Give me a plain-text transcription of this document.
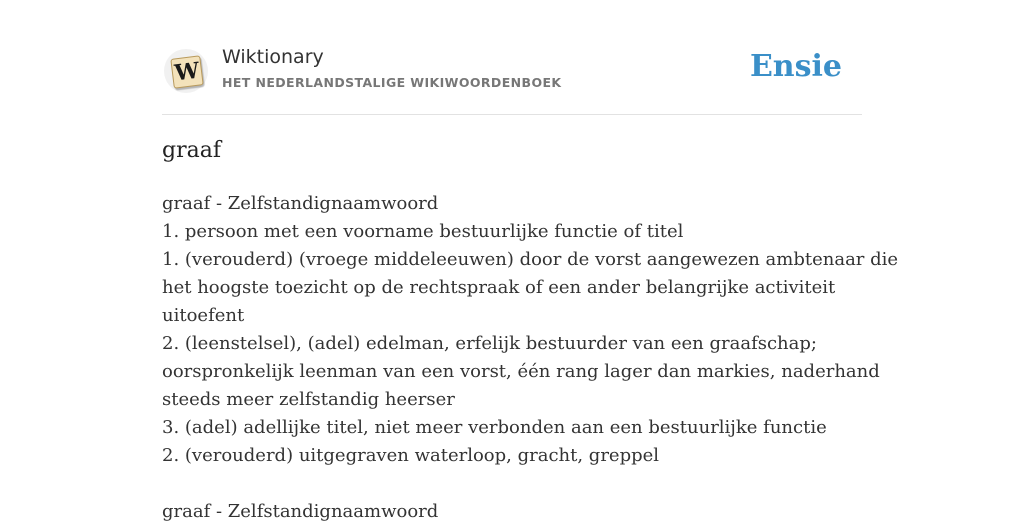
W
Wiktionary
HET NEDERLANDSTALIGE WIKIWOORDENBOEK	Ensie
graaf
graaf - Zelfstandignaamwoord
1. persoon met een voorname bestuurlijke functie of titel
1. (verouderd) (vroege middeleeuwen) door de vorst aangewezen ambtenaar die
het hoogste toezicht op de rechtspraak of een ander belangrijke activiteit
uitoefent
2. (leenstelsel), (adel) edelman, erfelijk bestuurder van een graafschap;
oorspronkelijk leenman van een vorst, één rang lager dan markies, naderhand
steeds meer zelfstandig heerser
3. (adel) adellijke titel, niet meer verbonden aan een bestuurlijke functie
2. (verouderd) uitgegraven waterloop, gracht, greppel
graaf - Zelfstandignaamwoord
